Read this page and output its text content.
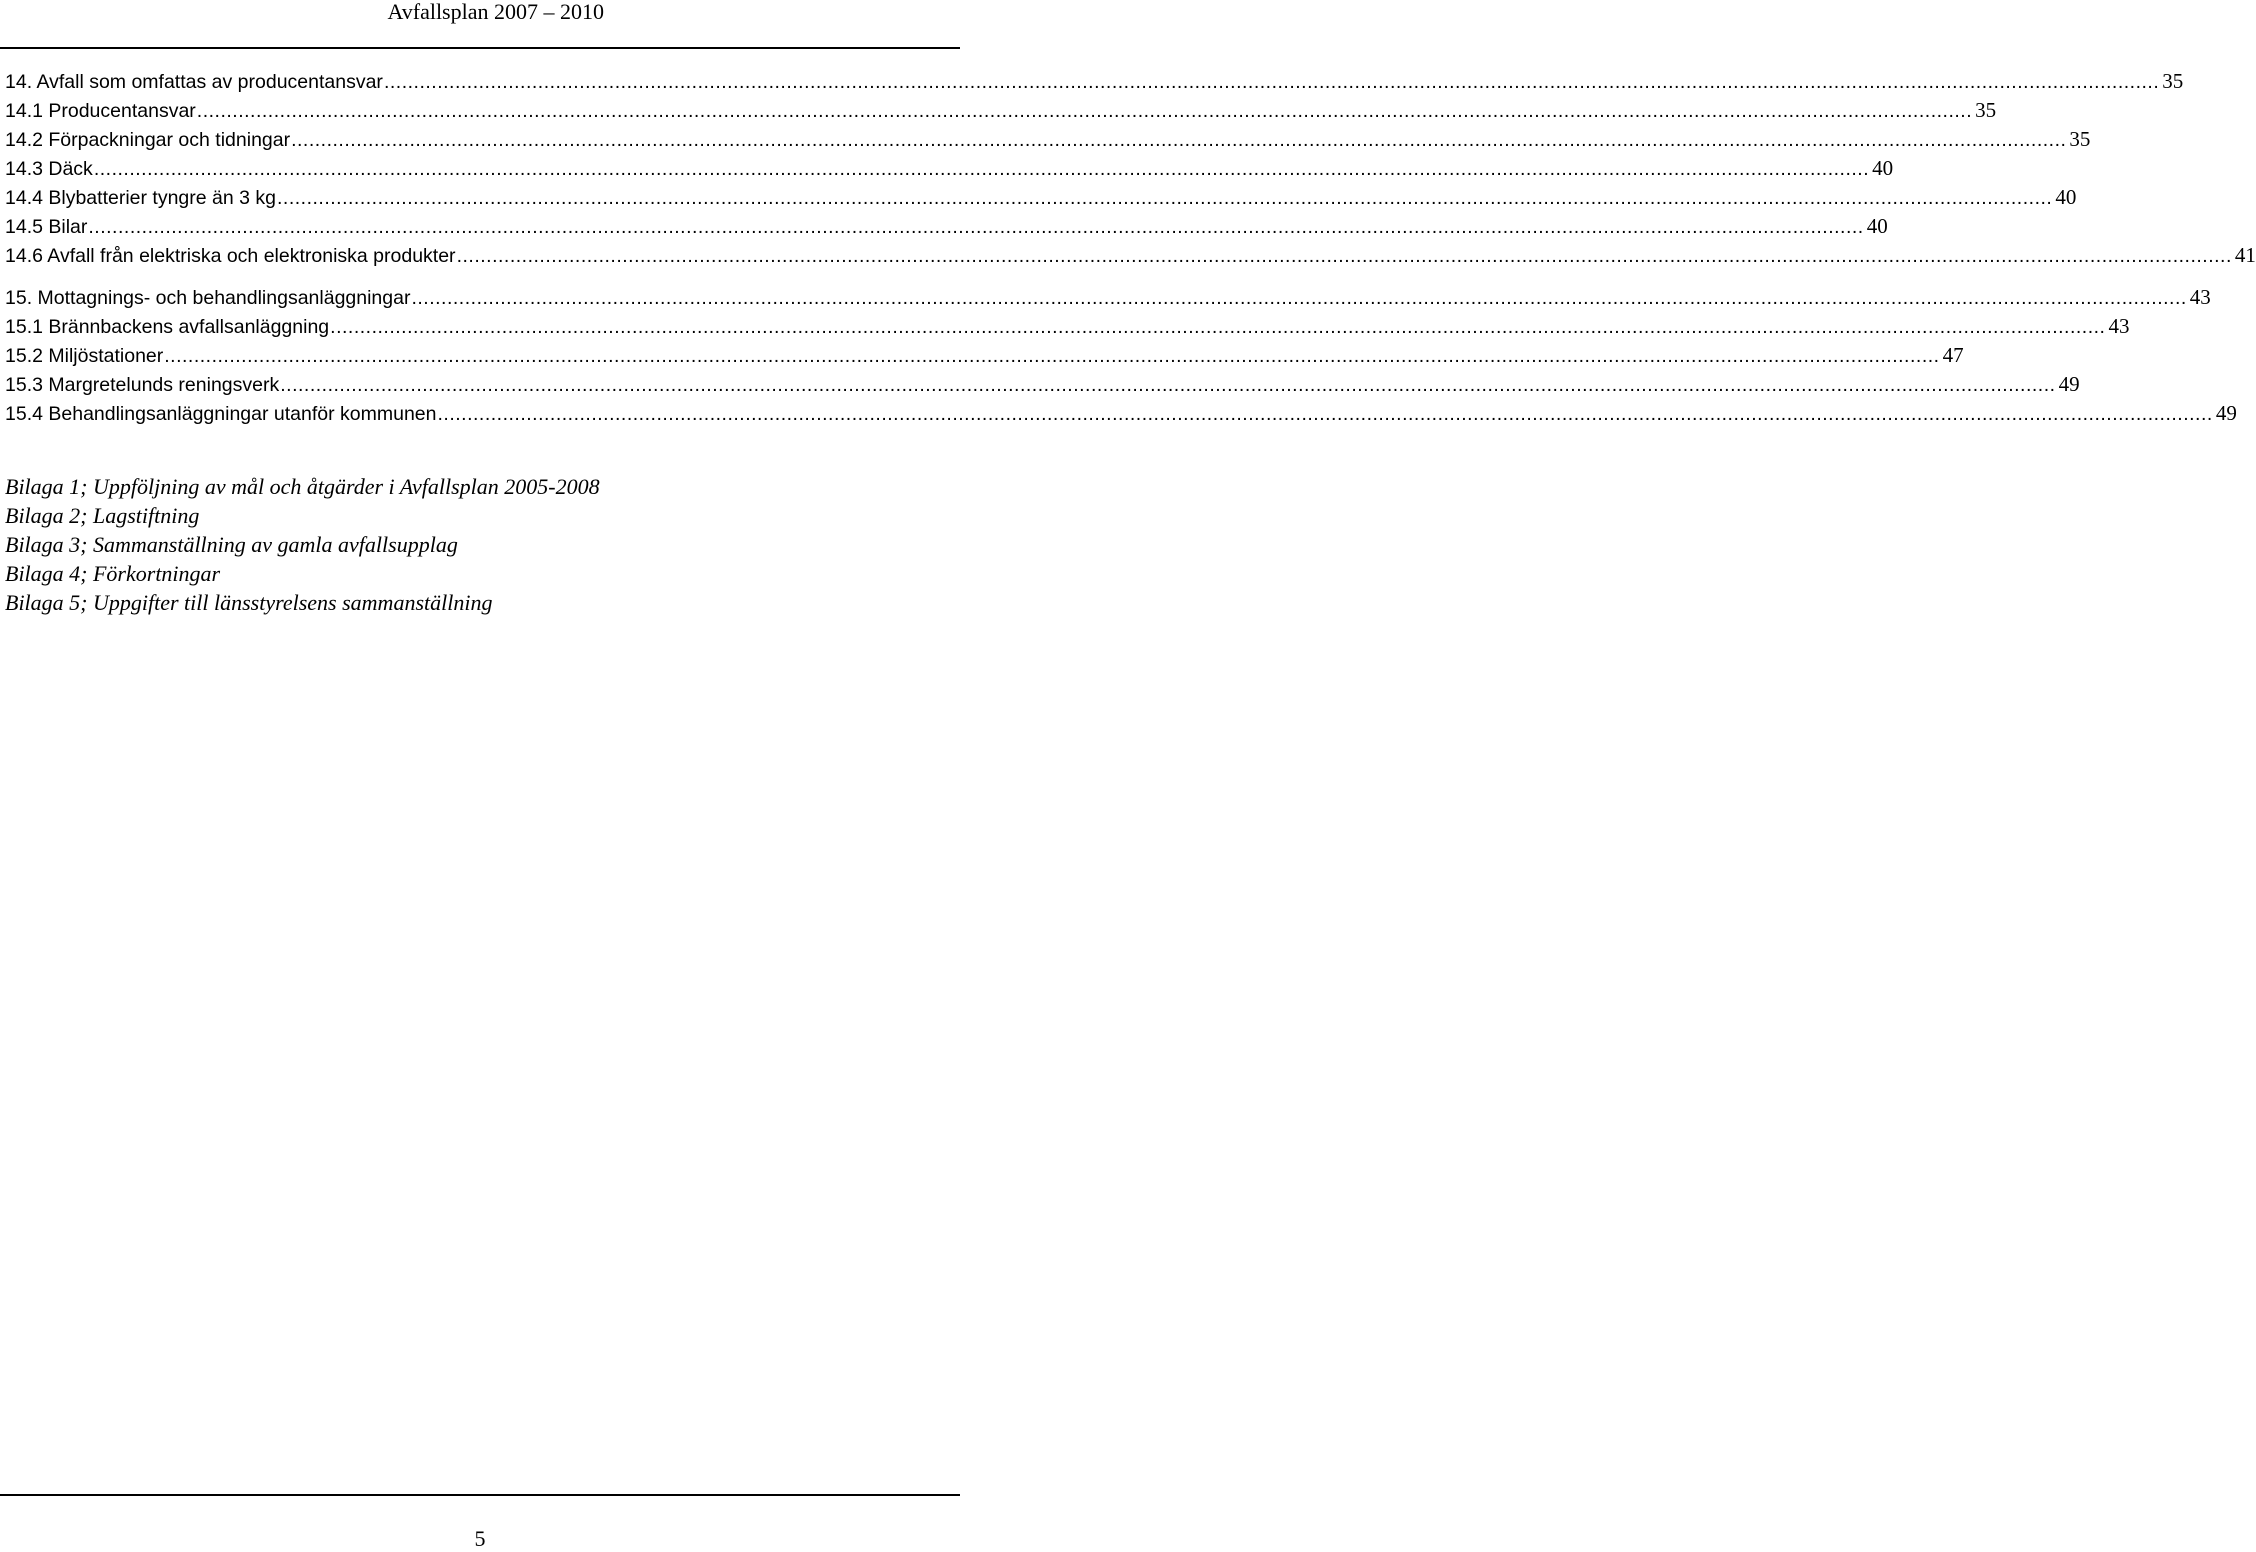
Avfallsplan 2007 – 2010
14. Avfall som omfattas av producentansvar ............................................................................................................................................................................................................................................................................................................ 35
14.1 Producentansvar ............................................................................................................................................................................................................................................................................................................ 35
14.2 Förpackningar och tidningar ............................................................................................................................................................................................................................................................................................................ 35
14.3 Däck ............................................................................................................................................................................................................................................................................................................ 40
14.4 Blybatterier tyngre än 3 kg ............................................................................................................................................................................................................................................................................................................ 40
14.5 Bilar ............................................................................................................................................................................................................................................................................................................ 40
14.6 Avfall från elektriska och elektroniska produkter ............................................................................................................................................................................................................................................................................................................ 41
15. Mottagnings- och behandlingsanläggningar ............................................................................................................................................................................................................................................................................................................ 43
15.1 Brännbackens avfallsanläggning ............................................................................................................................................................................................................................................................................................................ 43
15.2 Miljöstationer ............................................................................................................................................................................................................................................................................................................ 47
15.3 Margretelunds reningsverk ............................................................................................................................................................................................................................................................................................................ 49
15.4 Behandlingsanläggningar utanför kommunen ............................................................................................................................................................................................................................................................................................................ 49
Bilaga 1; Uppföljning av mål och åtgärder i Avfallsplan 2005-2008
Bilaga 2; Lagstiftning
Bilaga 3; Sammanställning av gamla avfallsupplag
Bilaga 4; Förkortningar
Bilaga 5; Uppgifter till länsstyrelsens sammanställning
5
